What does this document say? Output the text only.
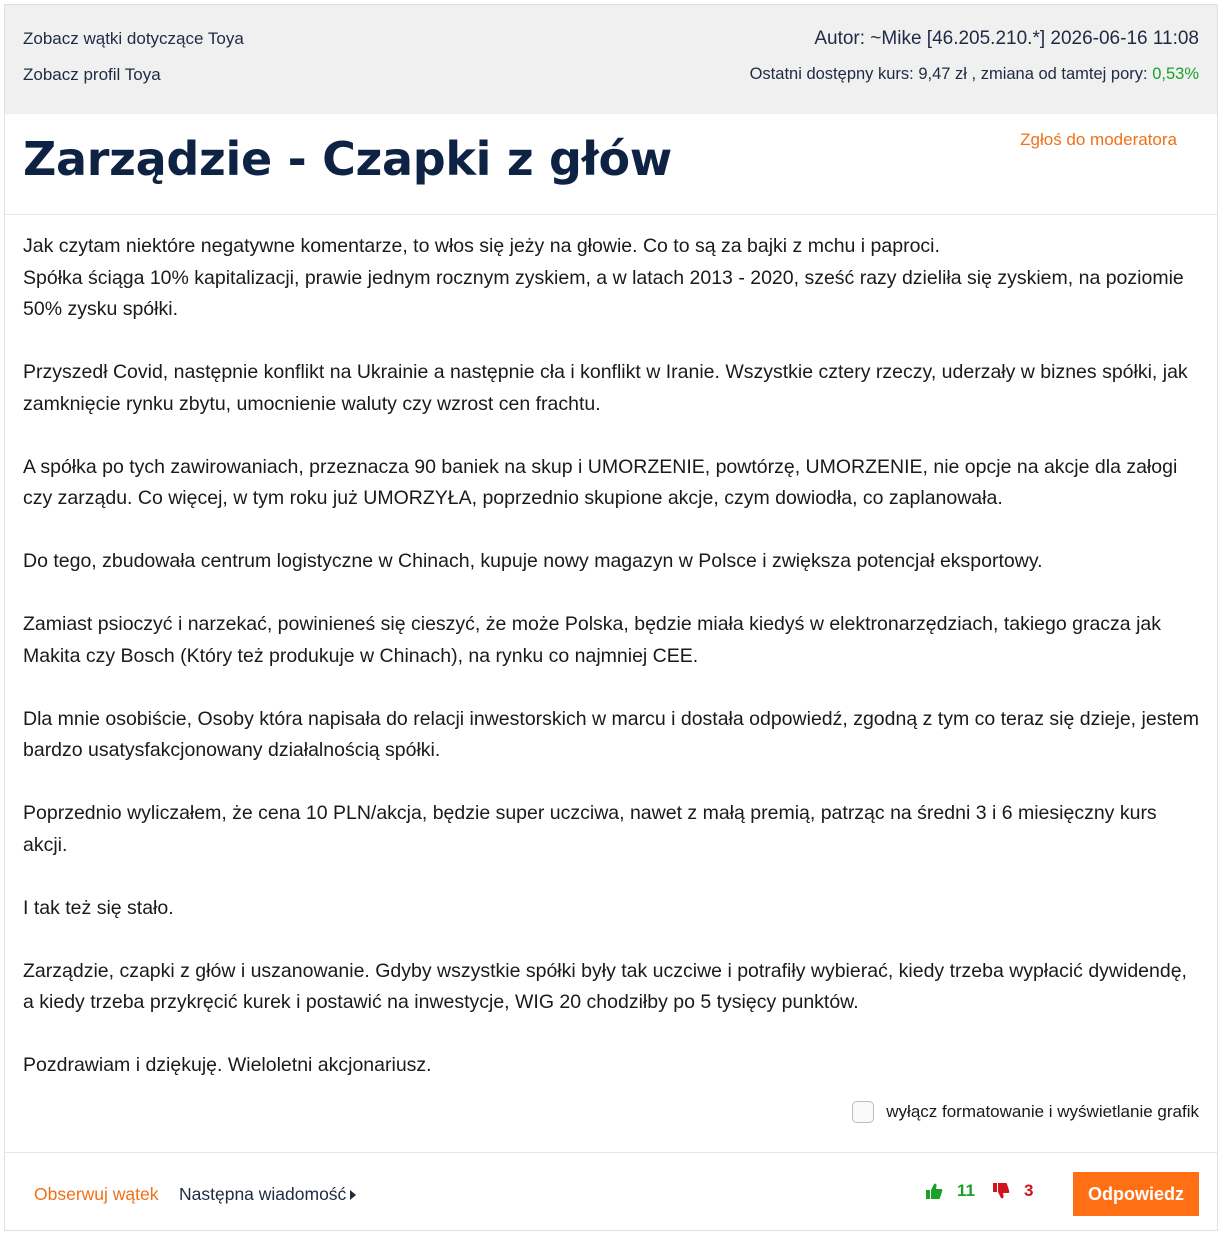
Zobacz wątki dotyczące Toya
Zobacz profil Toya
Autor: ~Mike [46.205.210.*] 2026-06-16 11:08
Ostatni dostępny kurs: 9,47 zł , zmiana od tamtej pory: 0,53%
Zarządzie - Czapki z głów	Zgłoś do moderatora

Jak czytam niektóre negatywne komentarze, to włos się jeży na głowie. Co to są za bajki z mchu i paproci.
Spółka ściąga 10% kapitalizacji, prawie jednym rocznym zyskiem, a w latach 2013 - 2020, sześć razy dzieliła się zyskiem, na poziomie 50% zysku spółki.

Przyszedł Covid, następnie konflikt na Ukrainie a następnie cła i konflikt w Iranie. Wszystkie cztery rzeczy, uderzały w biznes spółki, jak zamknięcie rynku zbytu, umocnienie waluty czy wzrost cen frachtu.

A spółka po tych zawirowaniach, przeznacza 90 baniek na skup i UMORZENIE, powtórzę, UMORZENIE, nie opcje na akcje dla załogi czy zarządu. Co więcej, w tym roku już UMORZYŁA, poprzednio skupione akcje, czym dowiodła, co zaplanowała.

Do tego, zbudowała centrum logistyczne w Chinach, kupuje nowy magazyn w Polsce i zwiększa potencjał eksportowy.

Zamiast psioczyć i narzekać, powinieneś się cieszyć, że może Polska, będzie miała kiedyś w elektronarzędziach, takiego gracza jak Makita czy Bosch (Który też produkuje w Chinach), na rynku co najmniej CEE.

Dla mnie osobiście, Osoby która napisała do relacji inwestorskich w marcu i dostała odpowiedź, zgodną z tym co teraz się dzieje, jestem bardzo usatysfakcjonowany działalnością spółki.

Poprzednio wyliczałem, że cena 10 PLN/akcja, będzie super uczciwa, nawet z małą premią, patrząc na średni 3 i 6 miesięczny kurs akcji.

I tak też się stało.

Zarządzie, czapki z głów i uszanowanie. Gdyby wszystkie spółki były tak uczciwe i potrafiły wybierać, kiedy trzeba wypłacić dywidendę, a kiedy trzeba przykręcić kurek i postawić na inwestycje, WIG 20 chodziłby po 5 tysięcy punktów.

Pozdrawiam i dziękuję. Wieloletni akcjonariusz.

wyłącz formatowanie i wyświetlanie grafik
Obserwuj wątek Następna wiadomość	11	3	Odpowiedz
